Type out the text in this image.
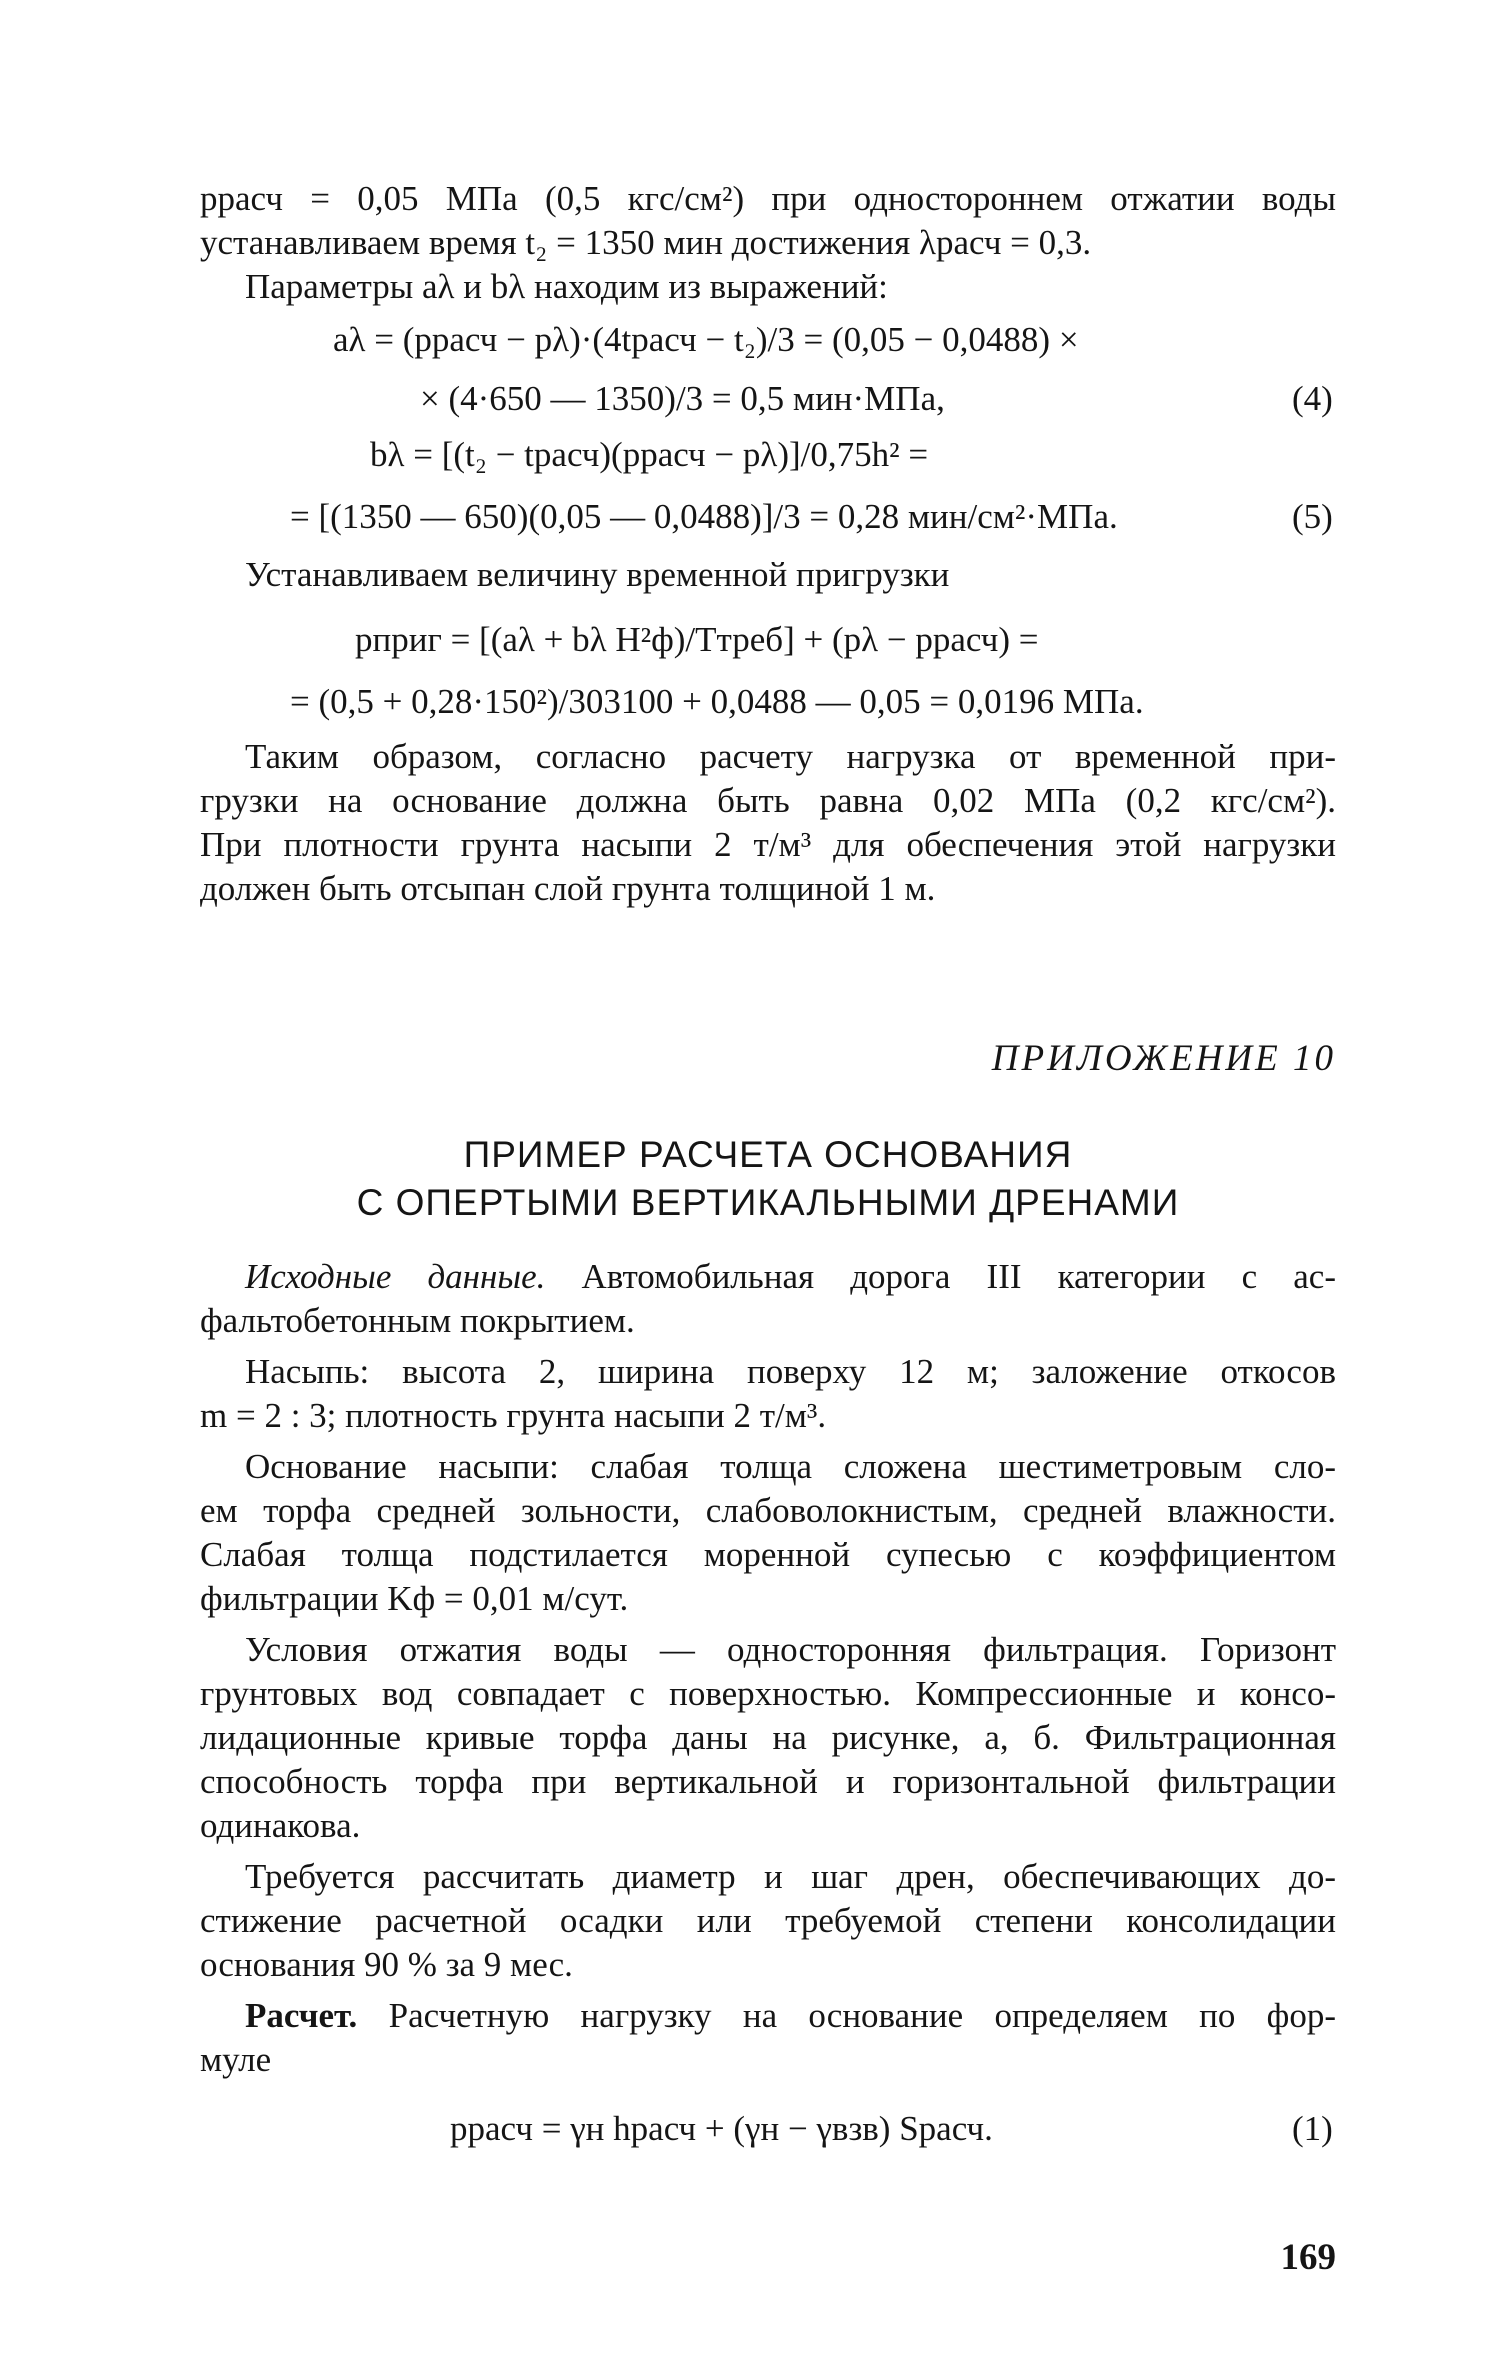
pрасч = 0,05 МПа (0,5 кгс/см²) при одностороннем отжатии воды
устанавливаем время t₂ = 1350 мин достижения λрасч = 0,3.
Параметры aλ и bλ находим из выражений:
aλ = (pрасч − pλ)·(4tрасч − t₂)/3 = (0,05 − 0,0488) ×
× (4·650 — 1350)/3 = 0,5 мин·МПа,	(4)
bλ = [(t₂ − tрасч)(pрасч − pλ)]/0,75h² =
= [(1350 — 650)(0,05 — 0,0488)]/3 = 0,28 мин/см²·МПа.	(5)
Устанавливаем величину временной пригрузки
pприг = [(aλ + bλ H²ф)/Tтреб] + (pλ − pрасч) =
= (0,5 + 0,28·150²)/303100 + 0,0488 — 0,05 = 0,0196 МПа.
Таким образом, согласно расчету нагрузка от временной при-
грузки на основание должна быть равна 0,02 МПа (0,2 кгс/см²).
При плотности грунта насыпи 2 т/м³ для обеспечения этой нагрузки
должен быть отсыпан слой грунта толщиной 1 м.
ПРИЛОЖЕНИЕ 10
ПРИМЕР РАСЧЕТА ОСНОВАНИЯ
С ОПЕРТЫМИ ВЕРТИКАЛЬНЫМИ ДРЕНАМИ
Исходные данные. Автомобильная дорога III категории с ас-
фальтобетонным покрытием.
Насыпь: высота 2, ширина поверху 12 м; заложение откосов
m = 2 : 3; плотность грунта насыпи 2 т/м³.
Основание насыпи: слабая толща сложена шестиметровым сло-
ем торфа средней зольности, слабоволокнистым, средней влажности.
Слабая толща подстилается моренной супесью с коэффициентом
фильтрации Kф = 0,01 м/сут.
Условия отжатия воды — односторонняя фильтрация. Горизонт
грунтовых вод совпадает с поверхностью. Компрессионные и консо-
лидационные кривые торфа даны на рисунке, а, б. Фильтрационная
способность торфа при вертикальной и горизонтальной фильтрации
одинакова.
Требуется рассчитать диаметр и шаг дрен, обеспечивающих до-
стижение расчетной осадки или требуемой степени консолидации
основания 90 % за 9 мес.
Расчет. Расчетную нагрузку на основание определяем по фор-
муле
pрасч = γн hрасч + (γн − γвзв) Sрасч.	(1)
169
